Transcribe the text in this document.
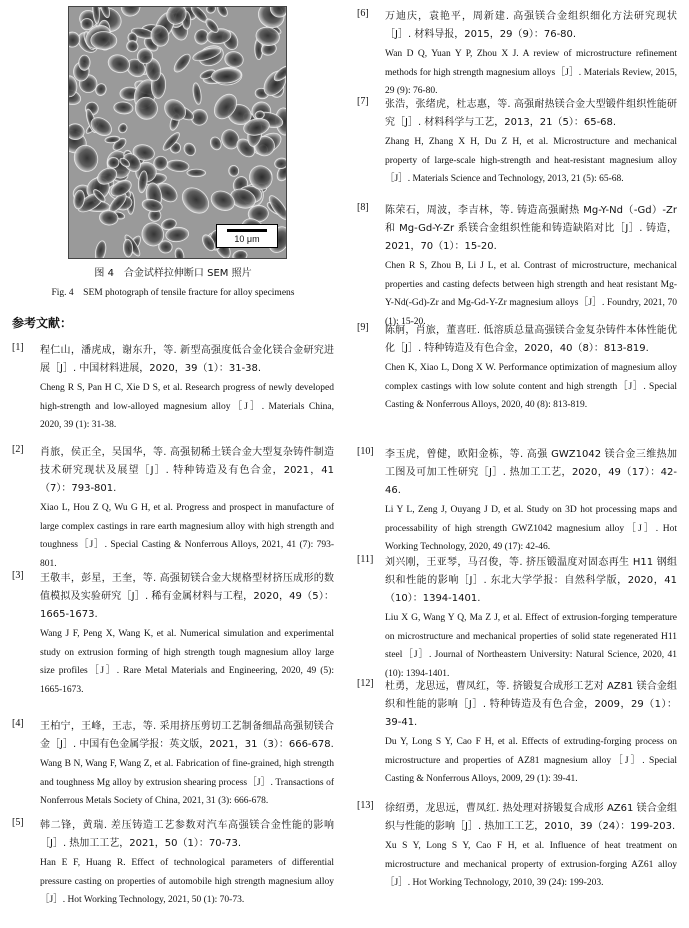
10 μm
图 4　合金试样拉伸断口 SEM 照片
Fig. 4　SEM photograph of tensile fracture for alloy specimens
参考文献：
[1] 程仁山，潘虎成，谢东升，等. 新型高强度低合金化镁合金研究进展［J］. 中国材料进展，2020，39（1）：31-38.
Cheng R S, Pan H C, Xie D S, et al. Research progress of newly developed high-strength and low-alloyed magnesium alloy［J］. Materials China, 2020, 39 (1): 31-38.
[2] 肖旅，侯正全，吴国华，等. 高强韧稀土镁合金大型复杂铸件制造技术研究现状及展望［J］. 特种铸造及有色合金，2021，41（7）：793-801.
Xiao L, Hou Z Q, Wu G H, et al. Progress and prospect in manufacture of large complex castings in rare earth magnesium alloy with high strength and toughness［J］. Special Casting & Nonferrous Alloys, 2021, 41 (7): 793-801.
[3] 王敬丰，彭星，王奎，等. 高强韧镁合金大规格型材挤压成形的数值模拟及实验研究［J］. 稀有金属材料与工程，2020，49（5）：1665-1673.
Wang J F, Peng X, Wang K, et al. Numerical simulation and experimental study on extrusion forming of high strength tough magnesium alloy large size profiles［J］. Rare Metal Materials and Engineering, 2020, 49 (5): 1665-1673.
[4] 王柏宁，王峰，王志，等. 采用挤压剪切工艺制备细晶高强韧镁合金［J］. 中国有色金属学报：英文版，2021，31（3）：666-678.
Wang B N, Wang F, Wang Z, et al. Fabrication of fine-grained, high strength and toughness Mg alloy by extrusion shearing process［J］. Transactions of Nonferrous Metals Society of China, 2021, 31 (3): 666-678.
[5] 韩二锋，黄瑞. 差压铸造工艺参数对汽车高强镁合金性能的影响［J］. 热加工工艺，2021，50（1）：70-73.
Han E F, Huang R. Effect of technological parameters of differential pressure casting on properties of automobile high strength magnesium alloy［J］. Hot Working Technology, 2021, 50 (1): 70-73.
[6] 万迪庆，袁艳平，周新建. 高强镁合金组织细化方法研究现状［J］. 材料导报，2015，29（9）：76-80.
Wan D Q, Yuan Y P, Zhou X J. A review of microstructure refinement methods for high strength magnesium alloys［J］. Materials Review, 2015, 29 (9): 76-80.
[7] 张浩，张绪虎，杜志惠，等. 高强耐热镁合金大型锻件组织性能研究［J］. 材料科学与工艺，2013，21（5）：65-68.
Zhang H, Zhang X H, Du Z H, et al. Microstructure and mechanical property of large-scale high-strength and heat-resistant magnesium alloy［J］. Materials Science and Technology, 2013, 21 (5): 65-68.
[8] 陈荣石，周波，李吉林，等. 铸造高强耐热 Mg-Y-Nd（-Gd）-Zr 和 Mg-Gd-Y-Zr 系镁合金组织性能和铸造缺陷对比［J］. 铸造，2021，70（1）：15-20.
Chen R S, Zhou B, Li J L, et al. Contrast of microstructure, mechanical properties and casting defects between high strength and heat resistant Mg-Y-Nd(-Gd)-Zr and Mg-Gd-Y-Zr magnesium alloys［J］. Foundry, 2021, 70 (1): 15-20.
[9] 陈舸，肖旅，董喜旺. 低溶质总量高强镁合金复杂铸件本体性能优化［J］. 特种铸造及有色合金，2020，40（8）：813-819.
Chen K, Xiao L, Dong X W. Performance optimization of magnesium alloy complex castings with low solute content and high strength［J］. Special Casting & Nonferrous Alloys, 2020, 40 (8): 813-819.
[10] 李玉虎，曾健，欧阳金栋，等. 高强 GWZ1042 镁合金三维热加工图及可加工性研究［J］. 热加工工艺，2020，49（17）：42-46.
Li Y L, Zeng J, Ouyang J D, et al. Study on 3D hot processing maps and processability of high strength GWZ1042 magnesium alloy［J］. Hot Working Technology, 2020, 49 (17): 42-46.
[11] 刘兴刚，王亚琴，马召俊，等. 挤压锻温度对固态再生 H11 钢组织和性能的影响［J］. 东北大学学报：自然科学版，2020，41（10）：1394-1401.
Liu X G, Wang Y Q, Ma Z J, et al. Effect of extrusion-forging temperature on microstructure and mechanical properties of solid state regenerated H11 steel［J］. Journal of Northeastern University: Natural Science, 2020, 41 (10): 1394-1401.
[12] 杜勇，龙思远，曹凤红，等. 挤锻复合成形工艺对 AZ81 镁合金组织和性能的影响［J］. 特种铸造及有色合金，2009，29（1）：39-41.
Du Y, Long S Y, Cao F H, et al. Effects of extruding-forging process on microstructure and properties of AZ81 magnesium alloy［J］. Special Casting & Nonferrous Alloys, 2009, 29 (1): 39-41.
[13] 徐绍勇，龙思远，曹凤红. 热处理对挤锻复合成形 AZ61 镁合金组织与性能的影响［J］. 热加工工艺，2010，39（24）：199-203.
Xu S Y, Long S Y, Cao F H, et al. Influence of heat treatment on microstructure and mechanical property of extrusion-forging AZ61 alloy［J］. Hot Working Technology, 2010, 39 (24): 199-203.
